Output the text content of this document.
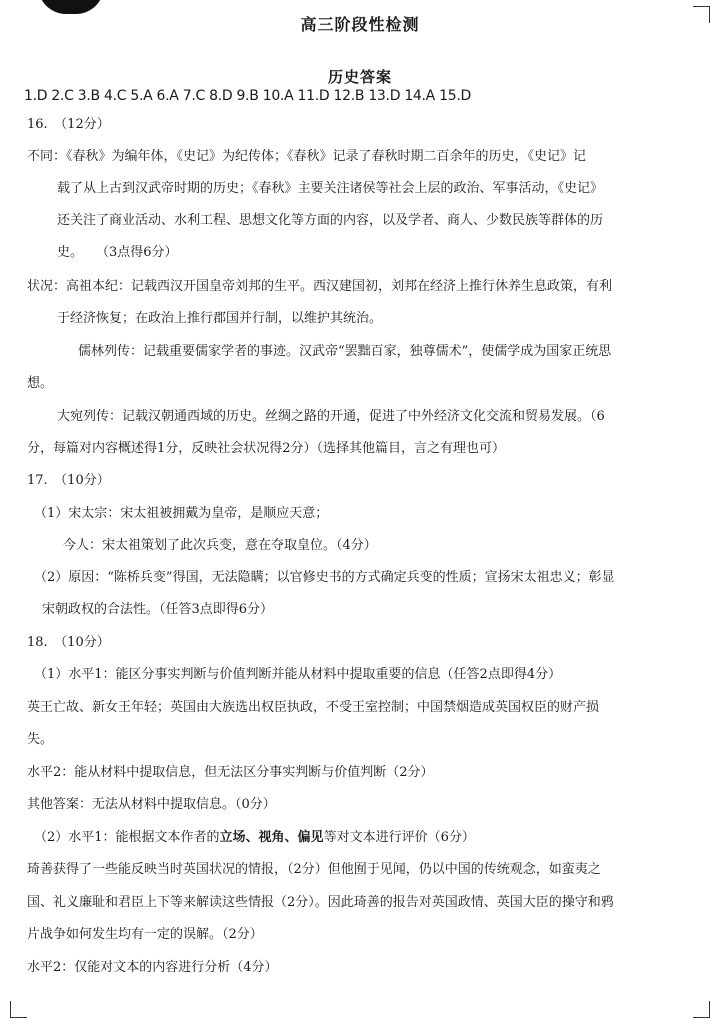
高三阶段性检测
历史答案
1.D 2.C 3.B 4.C 5.A 6.A 7.C 8.D 9.B 10.A 11.D 12.B 13.D 14.A 15.D
16.　（12分）
不同：《春秋》为编年体，《史记》为纪传体；《春秋》记录了春秋时期二百余年的历史，《史记》记
载了从上古到汉武帝时期的历史；《春秋》主要关注诸侯等社会上层的政治、军事活动，《史记》
还关注了商业活动、水利工程、思想文化等方面的内容，以及学者、商人、少数民族等群体的历
史。　　（3点得6分）
状况：高祖本纪：记载西汉开国皇帝刘邦的生平。西汉建国初，刘邦在经济上推行休养生息政策，有利
于经济恢复；在政治上推行郡国并行制，以维护其统治。
儒林列传：记载重要儒家学者的事迹。汉武帝“罢黜百家，独尊儒术”，使儒学成为国家正统思
想。
大宛列传：记载汉朝通西域的历史。丝绸之路的开通，促进了中外经济文化交流和贸易发展。（6
分，每篇对内容概述得1分，反映社会状况得2分）（选择其他篇目，言之有理也可）
17.　（10分）
（1）宋太宗：宋太祖被拥戴为皇帝，是顺应天意；
今人：宋太祖策划了此次兵变，意在夺取皇位。（4分）
（2）原因：“陈桥兵变”得国，无法隐瞒；以官修史书的方式确定兵变的性质；宣扬宋太祖忠义；彰显
宋朝政权的合法性。（任答3点即得6分）
18.　（10分）
（1）水平1：能区分事实判断与价值判断并能从材料中提取重要的信息（任答2点即得4分）
英王亡故、新女王年轻；英国由大族选出权臣执政，不受王室控制；中国禁烟造成英国权臣的财产损
失。
水平2：能从材料中提取信息，但无法区分事实判断与价值判断（2分）
其他答案：无法从材料中提取信息。（0分）
（2）水平1：能根据文本作者的立场、视角、偏见等对文本进行评价（6分）
琦善获得了一些能反映当时英国状况的情报，（2分）但他囿于见闻，仍以中国的传统观念，如蛮夷之
国、礼义廉耻和君臣上下等来解读这些情报（2分）。因此琦善的报告对英国政情、英国大臣的操守和鸦
片战争如何发生均有一定的误解。（2分）
水平2：仅能对文本的内容进行分析（4分）
